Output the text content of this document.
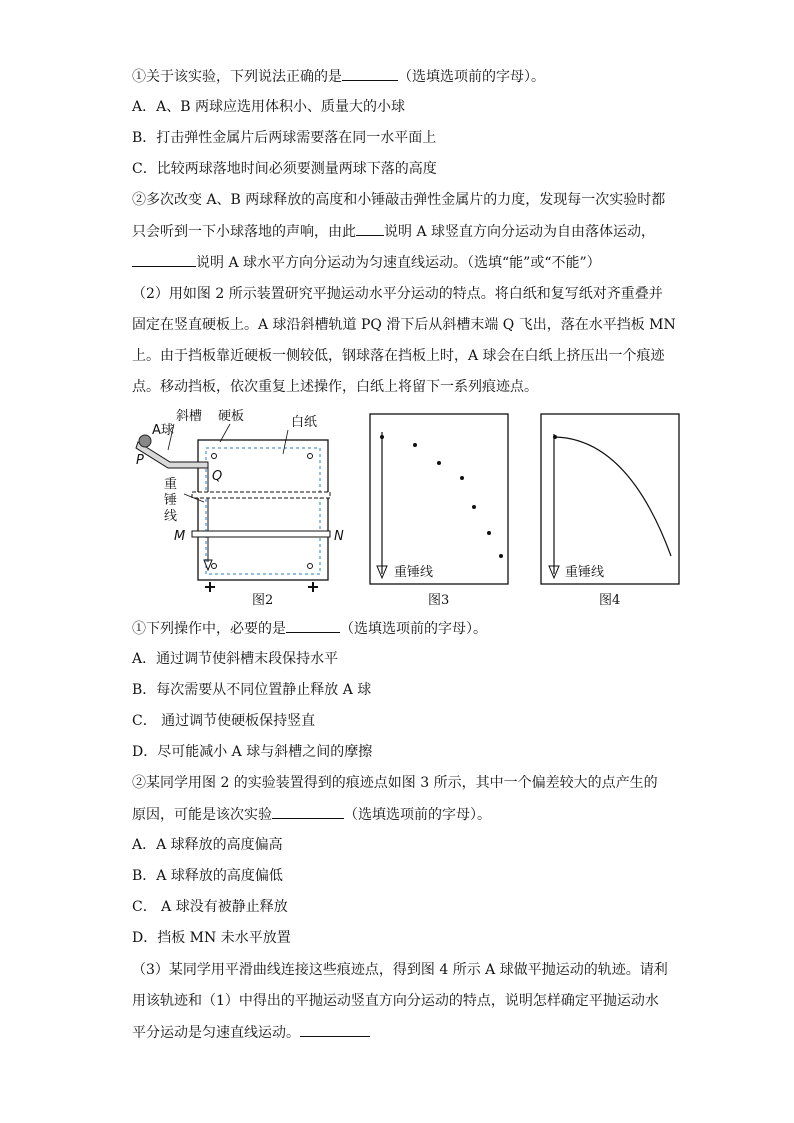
①关于该实验，下列说法正确的是	（选填选项前的字母）。
A．A、B 两球应选用体积小、质量大的小球
B．打击弹性金属片后两球需要落在同一水平面上
C．比较两球落地时间必须要测量两球下落的高度
②多次改变 A、B 两球释放的高度和小锤敲击弹性金属片的力度，发现每一次实验时都
只会听到一下小球落地的声响，由此 说明 A 球竖直方向分运动为自由落体运动，
说明 A 球水平方向分运动为匀速直线运动。（选填“能”或“不能”）
（2）用如图 2 所示装置研究平抛运动水平分运动的特点。将白纸和复写纸对齐重叠并
固定在竖直硬板上。A 球沿斜槽轨道 PQ 滑下后从斜槽末端 Q 飞出，落在水平挡板 MN
上。由于挡板靠近硬板一侧较低，钢球落在挡板上时，A 球会在白纸上挤压出一个痕迹
点。移动挡板，依次重复上述操作，白纸上将留下一系列痕迹点。
斜槽 硬板	白纸
A球
P
Q
重
锤
线
M	N
图2
重锤线
图3
重锤线
图4
①下列操作中，必要的是	（选填选项前的字母）。
A．通过调节使斜槽末段保持水平
B．每次需要从不同位置静止释放 A 球
C． 通过调节使硬板保持竖直
D．尽可能减小 A 球与斜槽之间的摩擦
②某同学用图 2 的实验装置得到的痕迹点如图 3 所示，其中一个偏差较大的点产生的
原因，可能是该次实验	（选填选项前的字母）。
A．A 球释放的高度偏高
B．A 球释放的高度偏低
C． A 球没有被静止释放
D．挡板 MN 未水平放置
（3）某同学用平滑曲线连接这些痕迹点，得到图 4 所示 A 球做平抛运动的轨迹。请利
用该轨迹和（1）中得出的平抛运动竖直方向分运动的特点，说明怎样确定平抛运动水
平分运动是匀速直线运动。
